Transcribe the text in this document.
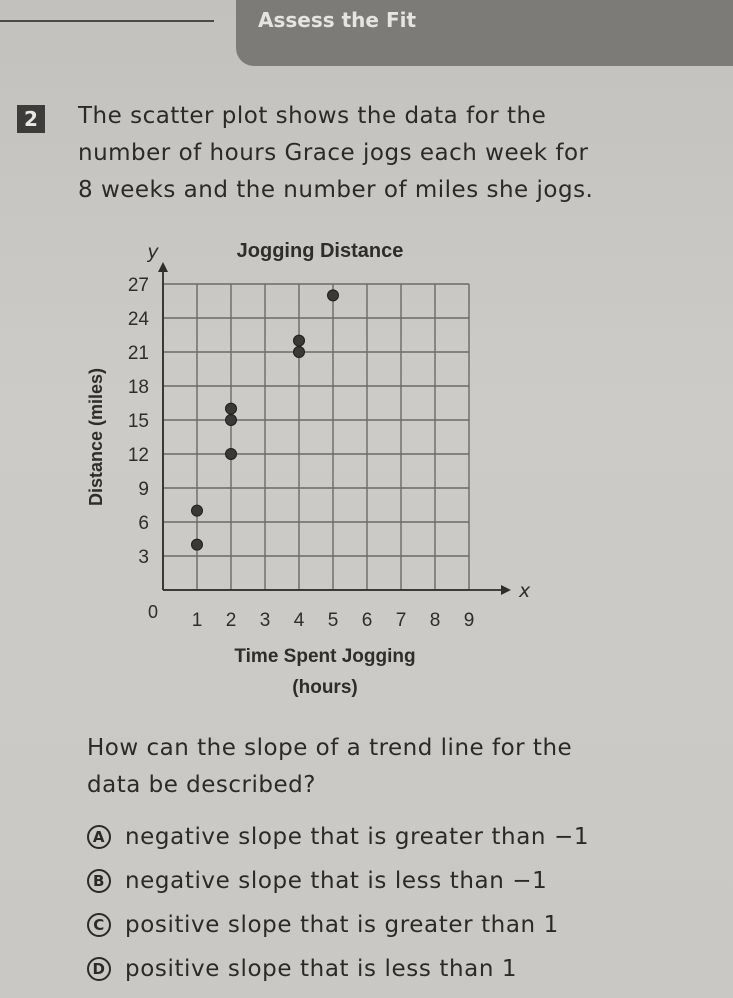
Assess the Fit
2	The scatter plot shows the data for the
number of hours Grace jogs each week for
8 weeks and the number of miles she jogs.
y
x
Jogging Distance
0
3
6
9
12
15
18
21
24
27
1 2 3 4 5 6 7 8 9
Distance (miles)
Time Spent Jogging
(hours)
How can the slope of a trend line for the
data be described?
A negative slope that is greater than −1
B negative slope that is less than −1
C positive slope that is greater than 1
D positive slope that is less than 1
